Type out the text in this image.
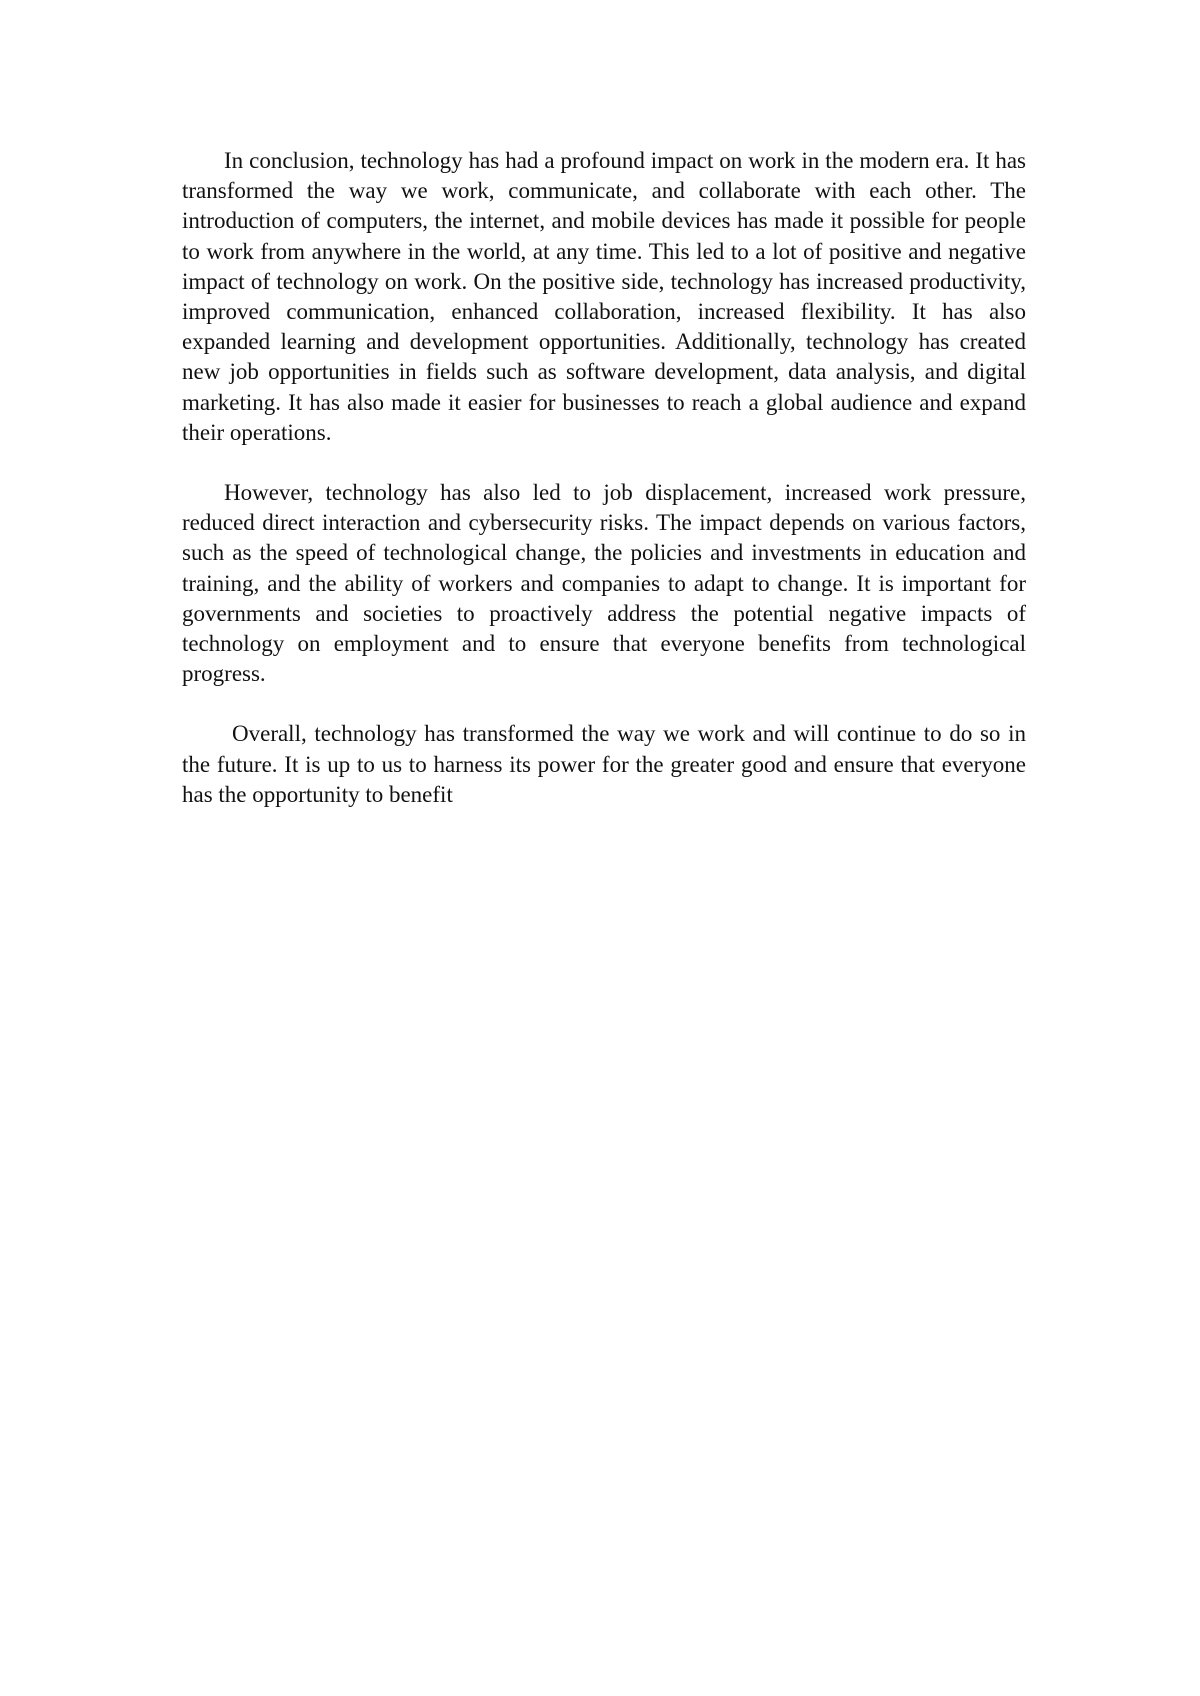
In conclusion, technology has had a profound impact on work in the modern era. It has transformed the way we work, communicate, and collaborate with each other. The introduction of computers, the internet, and mobile devices has made it possible for people to work from anywhere in the world, at any time. This led to a lot of positive and negative impact of technology on work. On the positive side, technology has increased productivity, improved communication, enhanced collaboration, increased flexibility. It has also expanded learning and development opportunities. Additionally, technology has created new job opportunities in fields such as software development, data analysis, and digital marketing. It has also made it easier for businesses to reach a global audience and expand their operations.

However, technology has also led to job displacement, increased work pressure, reduced direct interaction and cybersecurity risks. The impact depends on various factors, such as the speed of technological change, the policies and investments in education and training, and the ability of workers and companies to adapt to change. It is important for governments and societies to proactively address the potential negative impacts of technology on employment and to ensure that everyone benefits from technological progress.

Overall, technology has transformed the way we work and will continue to do so in the future. It is up to us to harness its power for the greater good and ensure that everyone has the opportunity to benefit
